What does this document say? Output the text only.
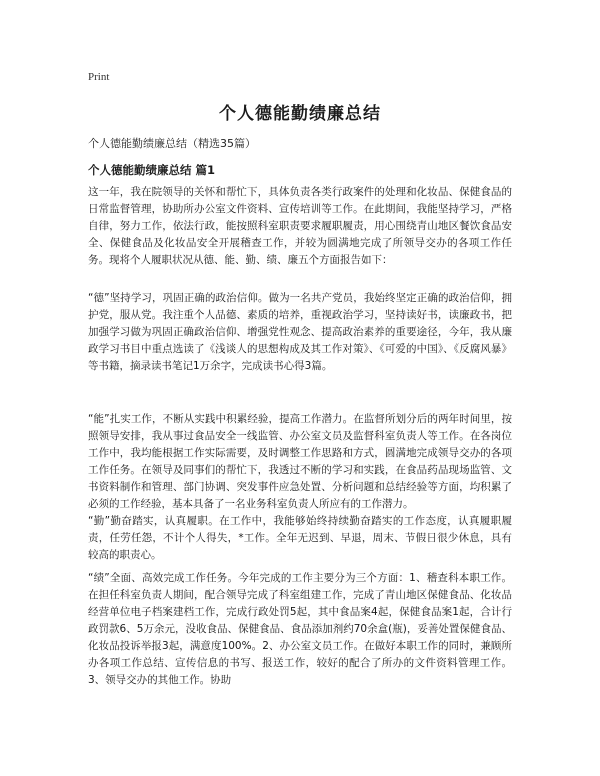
Print
个人德能勤绩廉总结
个人德能勤绩廉总结（精选35篇）
个人德能勤绩廉总结 篇1

这一年，我在院领导的关怀和帮忙下，具体负责各类行政案件的处理和化妆品、保健食品的日常监督管理，协助所办公室文件资料、宣传培训等工作。在此期间，我能坚持学习，严格自律，努力工作，依法行政，能按照科室职责要求履职履责，用心围绕青山地区餐饮食品安全、保健食品及化妆品安全开展稽查工作，并较为圆满地完成了所领导交办的各项工作任务。现将个人履职状况从德、能、勤、绩、廉五个方面报告如下：

“德”坚持学习，巩固正确的政治信仰。做为一名共产党员，我始终坚定正确的政治信仰，拥护党，服从党。我注重个人品德、素质的培养，重视政治学习，坚持读好书，读廉政书，把加强学习做为巩固正确政治信仰、增强党性观念、提高政治素养的重要途径，今年，我从廉政学习书目中重点选读了《浅谈人的思想构成及其工作对策》、《可爱的中国》、《反腐风暴》等书籍，摘录读书笔记1万余字，完成读书心得3篇。

“能”扎实工作，不断从实践中积累经验，提高工作潜力。在监督所划分后的两年时间里，按照领导安排，我从事过食品安全一线监管、办公室文员及监督科室负责人等工作。在各岗位工作中，我均能根据工作实际需要，及时调整工作思路和方式，圆满地完成领导交办的各项工作任务。在领导及同事们的帮忙下，我透过不断的学习和实践，在食品药品现场监管、文书资料制作和管理、部门协调、突发事件应急处置、分析问题和总结经验等方面，均积累了必须的工作经验，基本具备了一名业务科室负责人所应有的工作潜力。

“勤”勤奋踏实，认真履职。在工作中，我能够始终持续勤奋踏实的工作态度，认真履职履责，任劳任怨，不计个人得失，*工作。全年无迟到、早退，周末、节假日很少休息，具有较高的职责心。

“绩”全面、高效完成工作任务。今年完成的工作主要分为三个方面：1、稽查科本职工作。在担任科室负责人期间，配合领导完成了科室组建工作，完成了青山地区保健食品、化妆品经营单位电子档案建档工作，完成行政处罚5起，其中食品案4起，保健食品案1起，合计行政罚款6、5万余元，没收食品、保健食品、食品添加剂约70余盒(瓶)，妥善处置保健食品、化妆品投诉举报3起，满意度100%。2、办公室文员工作。在做好本职工作的同时，兼顾所办各项工作总结、宣传信息的书写、报送工作，较好的配合了所办的文件资料管理工作。3、领导交办的其他工作。协助
